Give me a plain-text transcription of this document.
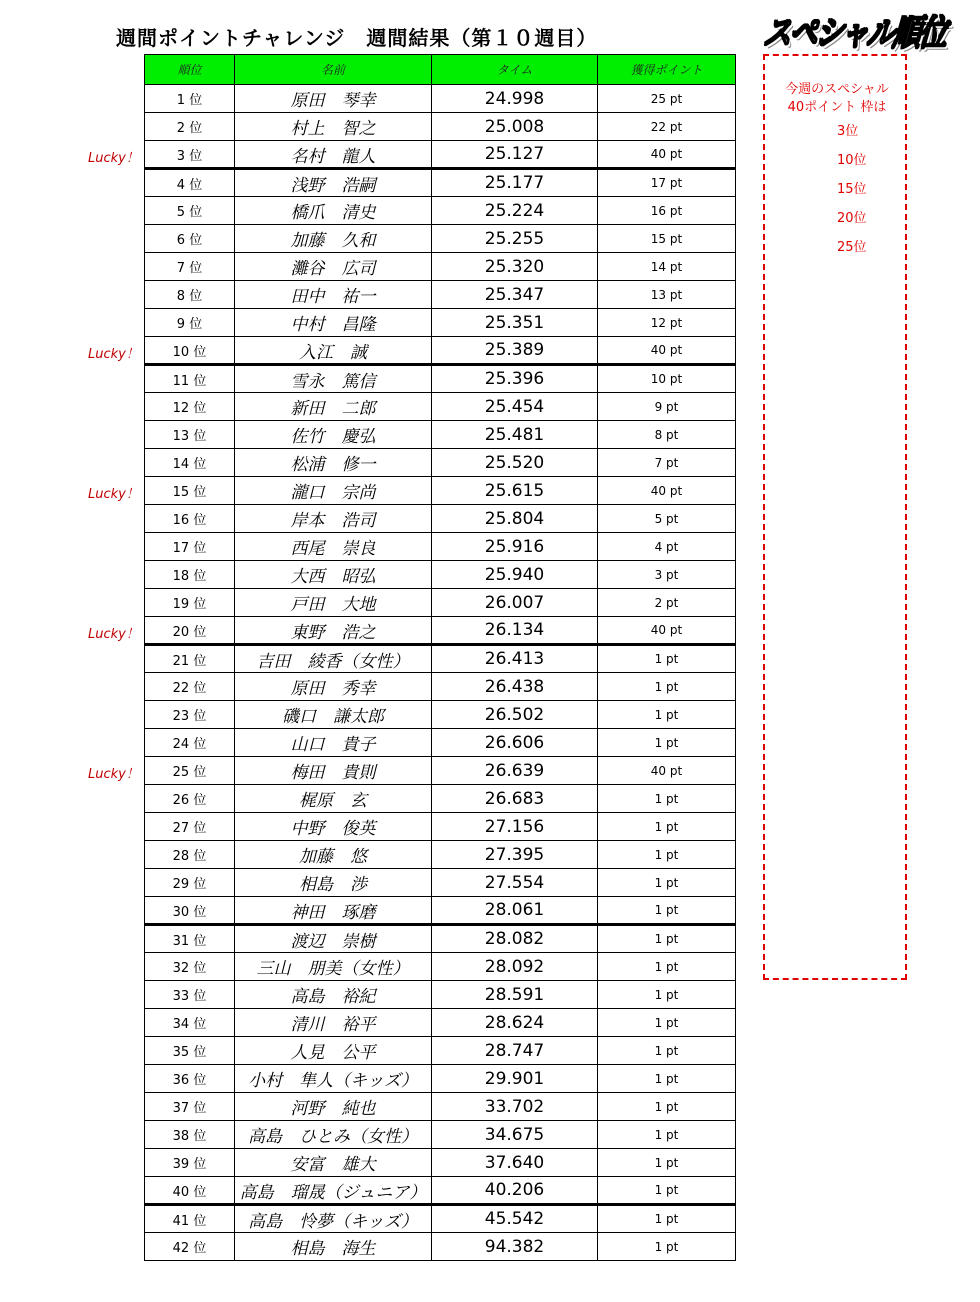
週間ポイントチャレンジ　週間結果（第１０週目）	スペシャル順位
順位	名前	タイム	獲得ポイント
1 位	原田　琴幸	24.998	25 pt
2 位	村上　智之	25.008	22 pt
3 位	名村　龍人	25.127	40 pt
4 位	浅野　浩嗣	25.177	17 pt
5 位	橋爪　清史	25.224	16 pt
6 位	加藤　久和	25.255	15 pt
7 位	灘谷　広司	25.320	14 pt
8 位	田中　祐一	25.347	13 pt
9 位	中村　昌隆	25.351	12 pt
10 位	入江　誠	25.389	40 pt
11 位	雪永　篤信	25.396	10 pt
12 位	新田　二郎	25.454	9 pt
13 位	佐竹　慶弘	25.481	8 pt
14 位	松浦　修一	25.520	7 pt
15 位	瀧口　宗尚	25.615	40 pt
16 位	岸本　浩司	25.804	5 pt
17 位	西尾　崇良	25.916	4 pt
18 位	大西　昭弘	25.940	3 pt
19 位	戸田　大地	26.007	2 pt
20 位	東野　浩之	26.134	40 pt
21 位	吉田　綾香（女性）	26.413	1 pt
22 位	原田　秀幸	26.438	1 pt
23 位	磯口　謙太郎	26.502	1 pt
24 位	山口　貴子	26.606	1 pt
25 位	梅田　貴則	26.639	40 pt
26 位	梶原　玄	26.683	1 pt
27 位	中野　俊英	27.156	1 pt
28 位	加藤　悠	27.395	1 pt
29 位	相島　渉	27.554	1 pt
30 位	神田　琢磨	28.061	1 pt
31 位	渡辺　崇樹	28.082	1 pt
32 位	三山　朋美（女性）	28.092	1 pt
33 位	高島　裕紀	28.591	1 pt
34 位	清川　裕平	28.624	1 pt
35 位	人見　公平	28.747	1 pt
36 位	小村　隼人（キッズ）	29.901	1 pt
37 位	河野　純也	33.702	1 pt
38 位	高島　ひとみ（女性）	34.675	1 pt
39 位	安富　雄大	37.640	1 pt
40 位	高島　瑠晟（ジュニア）	40.206	1 pt
41 位	高島　怜夢（キッズ）	45.542	1 pt
42 位	相島　海生	94.382	1 pt
Lucky！
Lucky！
Lucky！
Lucky！
Lucky！
今週のスペシャル
40ポイント 枠は
3位
10位
15位
20位
25位
